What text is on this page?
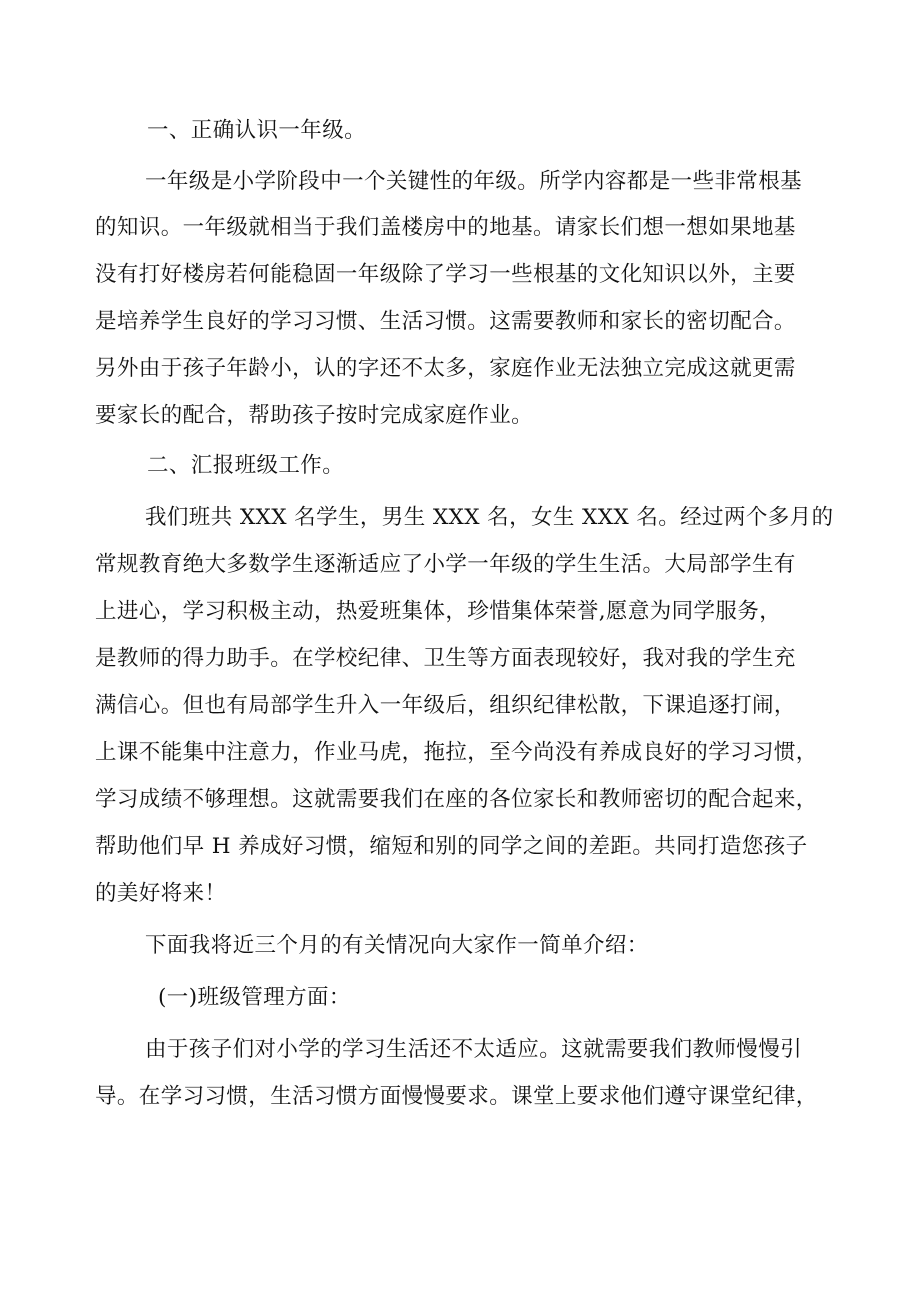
一、正确认识一年级。

一年级是小学阶段中一个关键性的年级。所学内容都是一些非常根基

的知识。一年级就相当于我们盖楼房中的地基。请家长们想一想如果地基

没有打好楼房若何能稳固一年级除了学习一些根基的文化知识以外，主要

是培养学生良好的学习习惯、生活习惯。这需要教师和家长的密切配合。

另外由于孩子年龄小，认的字还不太多，家庭作业无法独立完成这就更需

要家长的配合，帮助孩子按时完成家庭作业。

二、汇报班级工作。

我们班共 XXX 名学生，男生 XXX 名，女生 XXX 名。经过两个多月的

常规教育绝大多数学生逐渐适应了小学一年级的学生生活。大局部学生有

上进心，学习积极主动，热爱班集体，珍惜集体荣誉,愿意为同学服务，

是教师的得力助手。在学校纪律、卫生等方面表现较好，我对我的学生充

满信心。但也有局部学生升入一年级后，组织纪律松散，下课追逐打闹，

上课不能集中注意力，作业马虎，拖拉，至今尚没有养成良好的学习习惯，

学习成绩不够理想。这就需要我们在座的各位家长和教师密切的配合起来，

帮助他们早 H 养成好习惯，缩短和别的同学之间的差距。共同打造您孩子

的美好将来！

下面我将近三个月的有关情况向大家作一简单介绍：

(一)班级管理方面：

由于孩子们对小学的学习生活还不太适应。这就需要我们教师慢慢引

导。在学习习惯，生活习惯方面慢慢要求。课堂上要求他们遵守课堂纪律，
